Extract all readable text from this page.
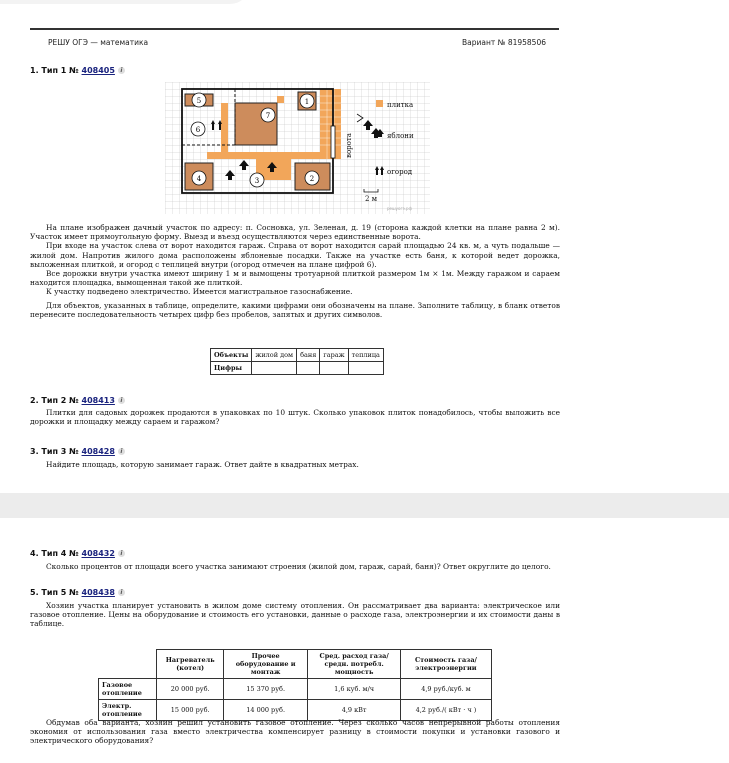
РЕШУ ОГЭ — математика	Вариант № 81958506
1. Тип 1 № 408405 i
ворота
1
2
3
4
5
6
7
плитка
яблони
огород
2 м
решуогэ.рф

На плане изображен дачный участок по адресу: п. Сосновка, ул. Зеленая, д. 19 (сторона каждой клетки на плане равна 2 м). Участок имеет прямоугольную форму. Выезд и въезд осуществляются через единственные ворота.

При входе на участок слева от ворот находится гараж. Справа от ворот находится сарай площадью 24 кв. м, а чуть подальше — жилой дом. Напротив жилого дома расположены яблоневые посадки. Также на участке есть баня, к которой ведет дорожка, выложенная плиткой, и огород с теплицей внутри (огород отмечен на плане цифрой 6).

Все дорожки внутри участка имеют ширину 1 м и вымощены тротуарной плиткой размером 1м × 1м. Между гаражом и сараем находится площадка, вымощенная такой же плиткой.

К участку подведено электричество. Имеется магистральное газоснабжение.

Для объектов, указанных в таблице, определите, какими цифрами они обозначены на плане. Заполните таблицу, в бланк ответов перенесите последовательность четырех цифр без пробелов, запятых и других символов.

Объекты	жилой дом	баня	гараж	теплица
Цифры				
2. Тип 2 № 408413 i

Плитки для садовых дорожек продаются в упаковках по 10 штук. Сколько упаковок плиток понадобилось, чтобы выложить все дорожки и площадку между сараем и гаражом?

3. Тип 3 № 408428 i

Найдите площадь, которую занимает гараж. Ответ дайте в квадратных метрах.

4. Тип 4 № 408432 i

Сколько процентов от площади всего участка занимают строения (жилой дом, гараж, сарай, баня)? Ответ округлите до целого.

5. Тип 5 № 408438 i

Хозяин участка планирует установить в жилом доме систему отопления. Он рассматривает два варианта: электрическое или газовое отопление. Цены на оборудование и стоимость его установки, данные о расходе газа, электроэнергии и их стоимости даны в таблице.

	Нагреватель (котел)	Прочее оборудование и монтаж	Сред. расход газа/ средн. потребл. мощность	Стоимость газа/ электроэнергии
Газовое отопление	20 000 руб.	15 370 руб.	1,6 куб. м/ч	4,9 руб./куб. м
Электр. отопление	15 000 руб.	14 000 руб.	4,9 кВт	4,2 руб./( кВт · ч )

Обдумав оба варианта, хозяин решил установить газовое отопление. Через сколько часов непрерывной работы отопления экономия от использования газа вместо электричества компенсирует разницу в стоимости покупки и установки газового и электрического оборудования?
